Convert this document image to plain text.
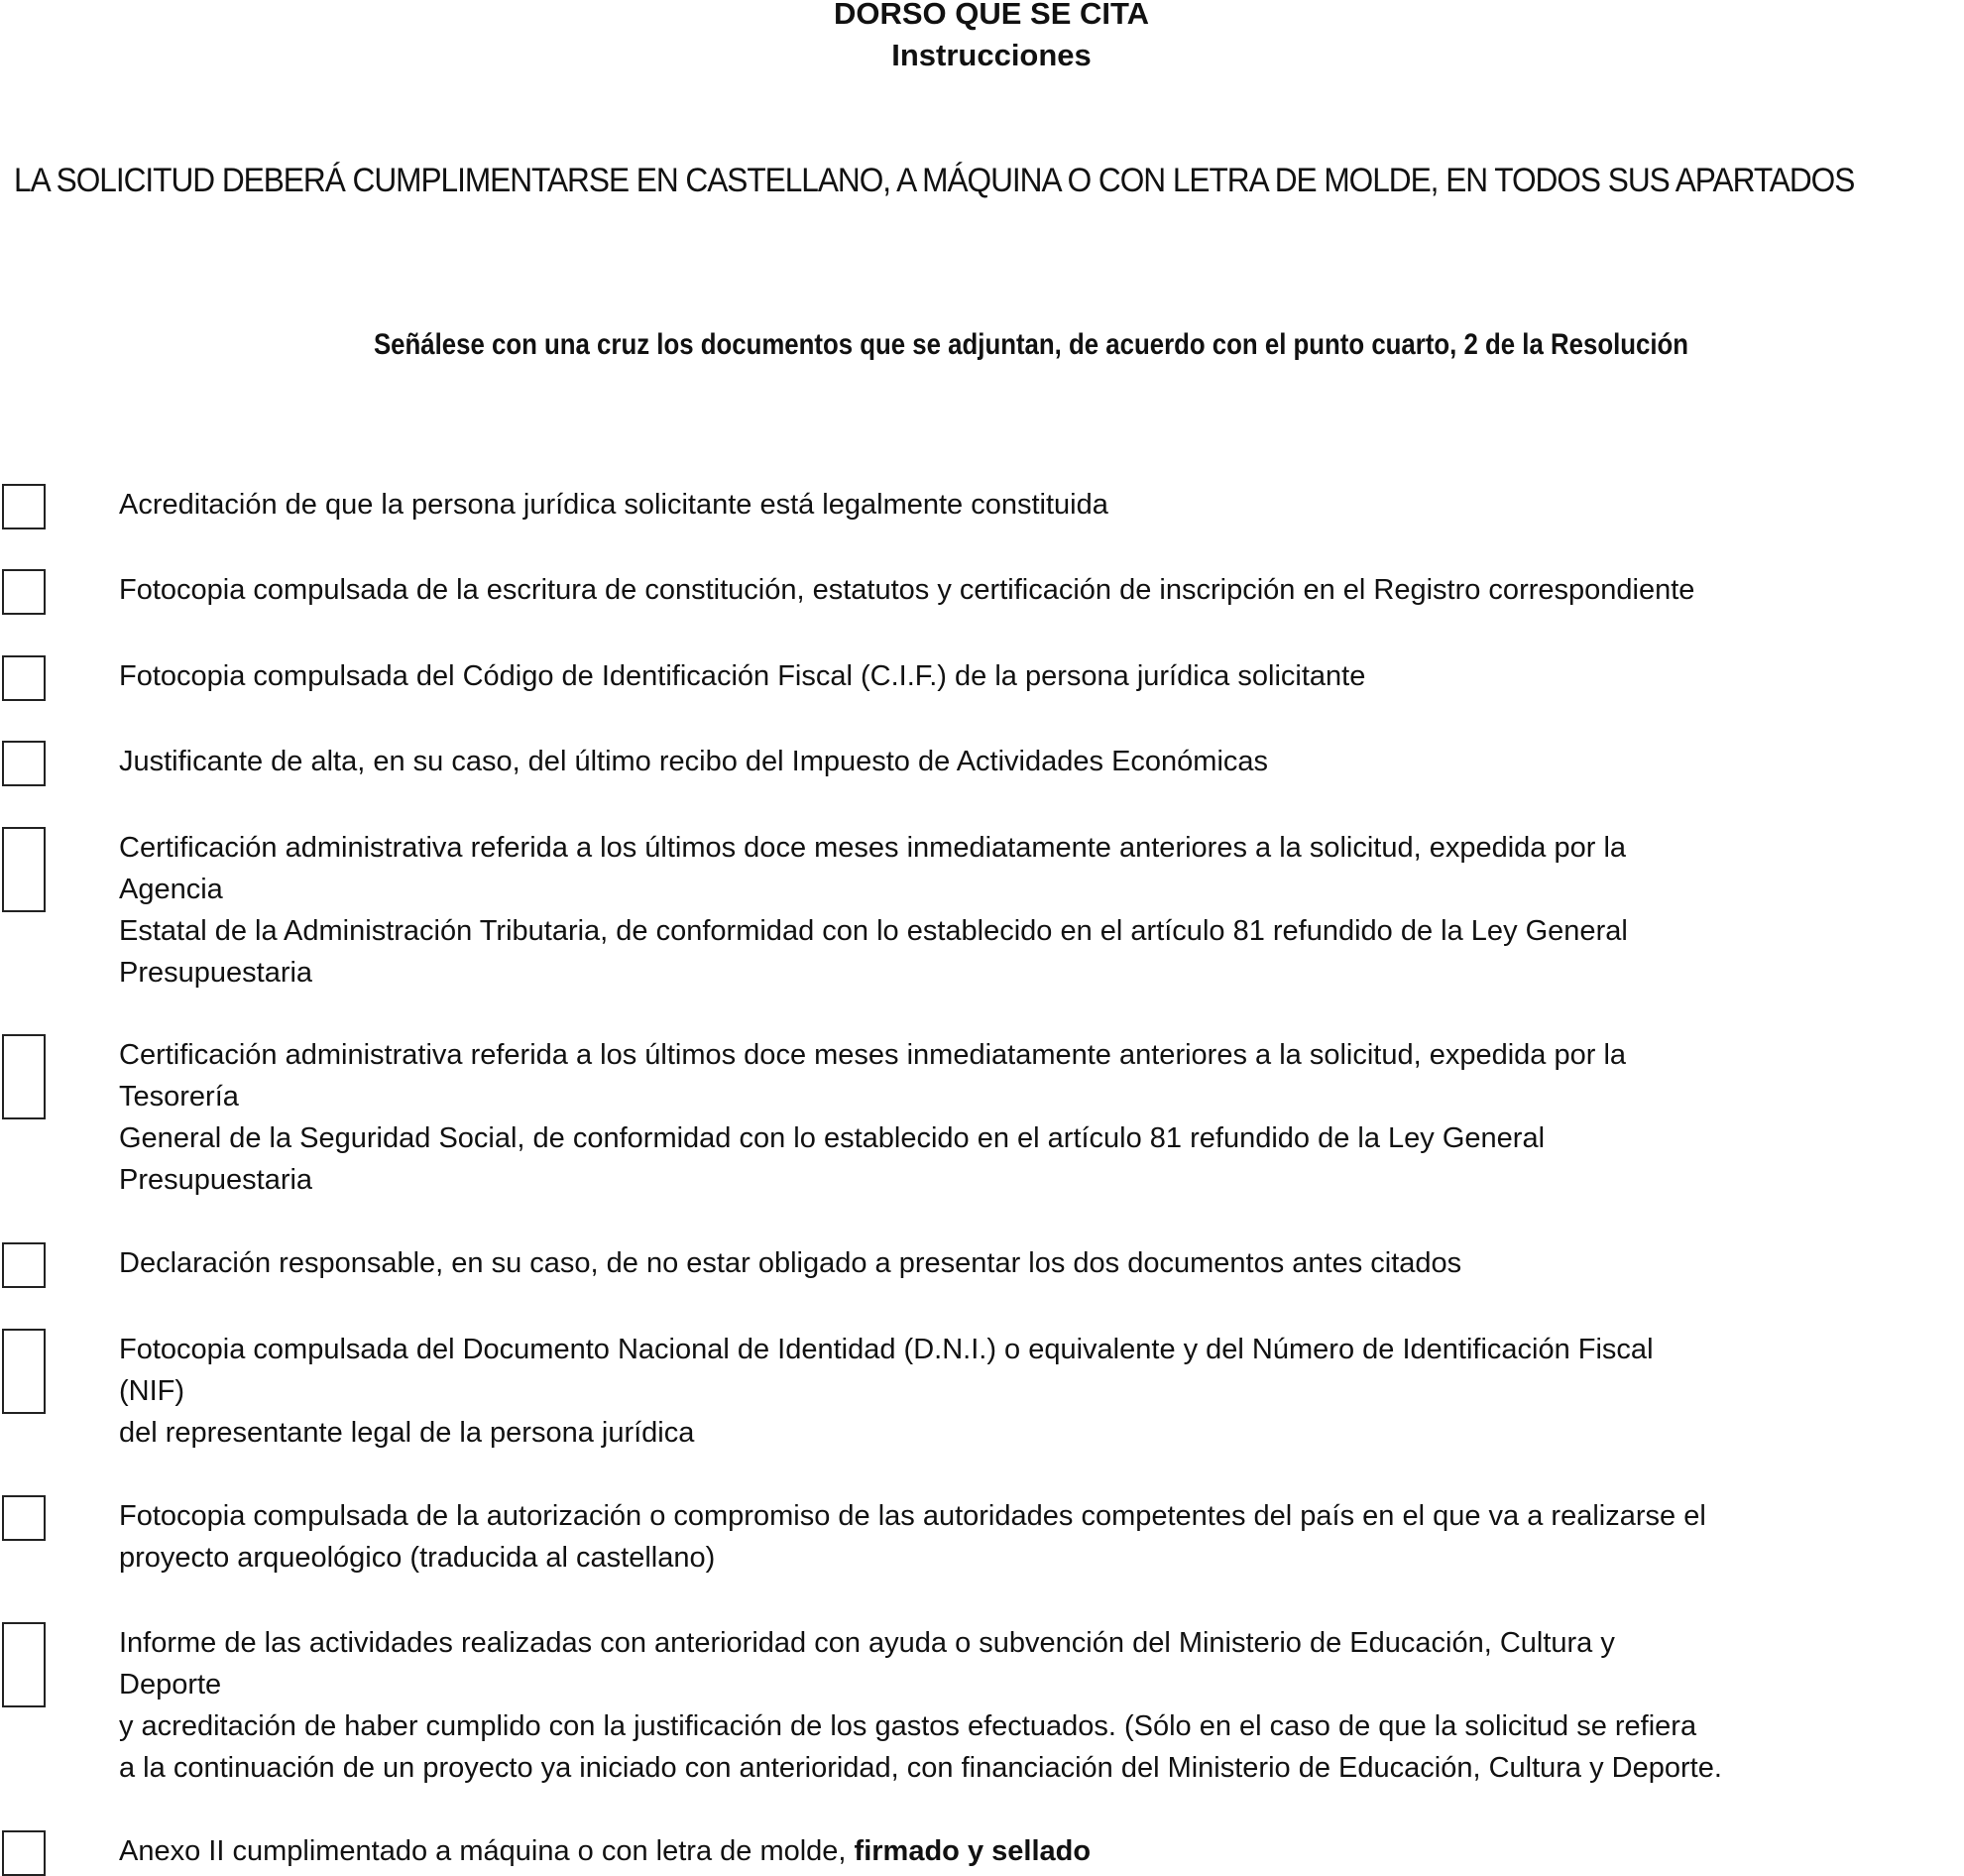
DORSO QUE SE CITA
Instrucciones
LA SOLICITUD DEBERÁ CUMPLIMENTARSE EN CASTELLANO, A MÁQUINA O CON LETRA DE MOLDE, EN TODOS SUS APARTADOS
Señálese con una cruz los documentos que se adjuntan, de acuerdo con el punto cuarto, 2 de la Resolución
Acreditación de que la persona jurídica solicitante está legalmente constituida
Fotocopia compulsada de la escritura de constitución, estatutos y certificación de inscripción en el Registro correspondiente
Fotocopia compulsada del Código de Identificación Fiscal (C.I.F.) de la persona jurídica solicitante
Justificante de alta, en su caso, del último recibo del Impuesto de Actividades Económicas
Certificación administrativa referida a los últimos doce meses inmediatamente anteriores a la solicitud, expedida por la
Agencia
Estatal de la Administración Tributaria, de conformidad con lo establecido en el artículo 81 refundido de la Ley General
Presupuestaria
Certificación administrativa referida a los últimos doce meses inmediatamente anteriores a la solicitud, expedida por la
Tesorería
General de la Seguridad Social, de conformidad con lo establecido en el artículo 81 refundido de la Ley General
Presupuestaria
Declaración responsable, en su caso, de no estar obligado a presentar los dos documentos antes citados
Fotocopia compulsada del Documento Nacional de Identidad (D.N.I.) o equivalente y del Número de Identificación Fiscal
(NIF)
del representante legal de la persona jurídica
Fotocopia compulsada de la autorización o compromiso de las autoridades competentes del país en el que va a realizarse el
proyecto arqueológico (traducida al castellano)
Informe de las actividades realizadas con anterioridad con ayuda o subvención del Ministerio de Educación, Cultura y
Deporte
y acreditación de haber cumplido con la justificación de los gastos efectuados. (Sólo en el caso de que la solicitud se refiera
a la continuación de un proyecto ya iniciado con anterioridad, con financiación del Ministerio de Educación, Cultura y Deporte.
Anexo II cumplimentado a máquina o con letra de molde, firmado y sellado
